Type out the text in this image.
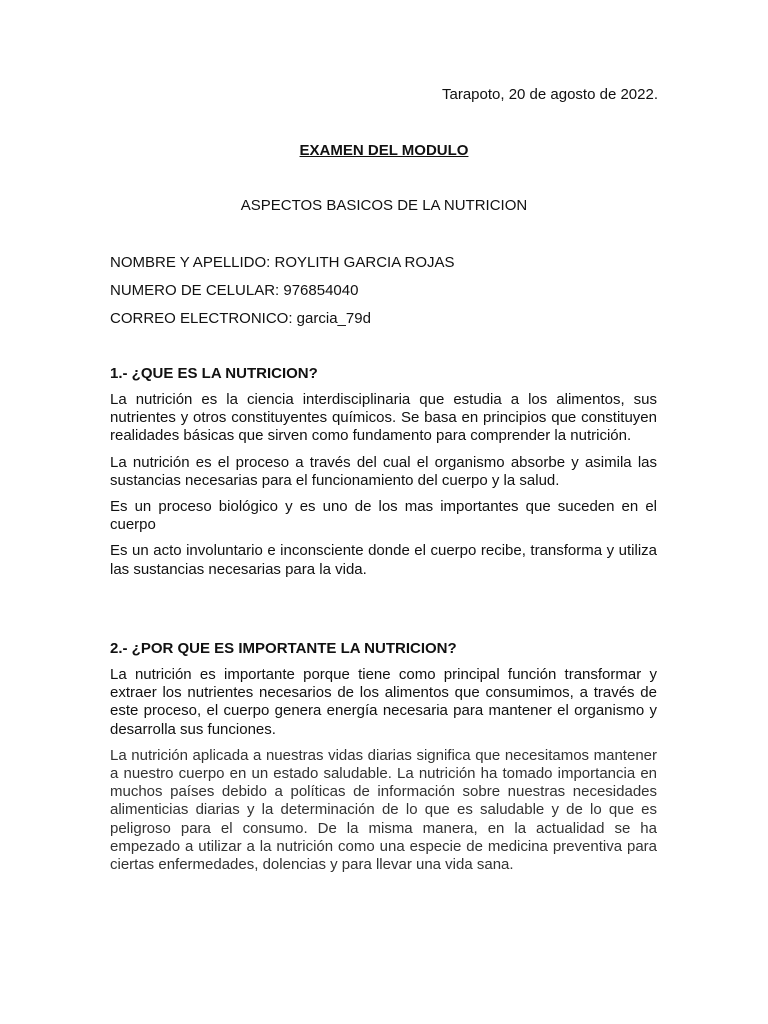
Tarapoto, 20 de agosto de 2022.
EXAMEN DEL MODULO
ASPECTOS BASICOS DE LA NUTRICION
NOMBRE Y APELLIDO: ROYLITH GARCIA ROJAS
NUMERO DE CELULAR: 976854040
CORREO ELECTRONICO: garcia_79d
1.- ¿QUE ES LA NUTRICION?

La nutrición es la ciencia interdisciplinaria que estudia a los alimentos, sus nutrientes y otros constituyentes químicos. Se basa en principios que constituyen realidades básicas que sirven como fundamento para comprender la nutrición.

La nutrición es el proceso a través del cual el organismo absorbe y asimila las sustancias necesarias para el funcionamiento del cuerpo y la salud.

Es un proceso biológico y es uno de los mas importantes que suceden en el cuerpo

Es un acto involuntario e inconsciente donde el cuerpo recibe, transforma y utiliza las sustancias necesarias para la vida.

2.- ¿POR QUE ES IMPORTANTE LA NUTRICION?

La nutrición es importante porque tiene como principal función transformar y extraer los nutrientes necesarios de los alimentos que consumimos, a través de este proceso, el cuerpo genera energía necesaria para mantener el organismo y desarrolla sus funciones.

La nutrición aplicada a nuestras vidas diarias significa que necesitamos mantener a nuestro cuerpo en un estado saludable. La nutrición ha tomado importancia en muchos países debido a políticas de información sobre nuestras necesidades alimenticias diarias y la determinación de lo que es saludable y de lo que es peligroso para el consumo. De la misma manera, en la actualidad se ha empezado a utilizar a la nutrición como una especie de medicina preventiva para ciertas enfermedades, dolencias y para llevar una vida sana.
